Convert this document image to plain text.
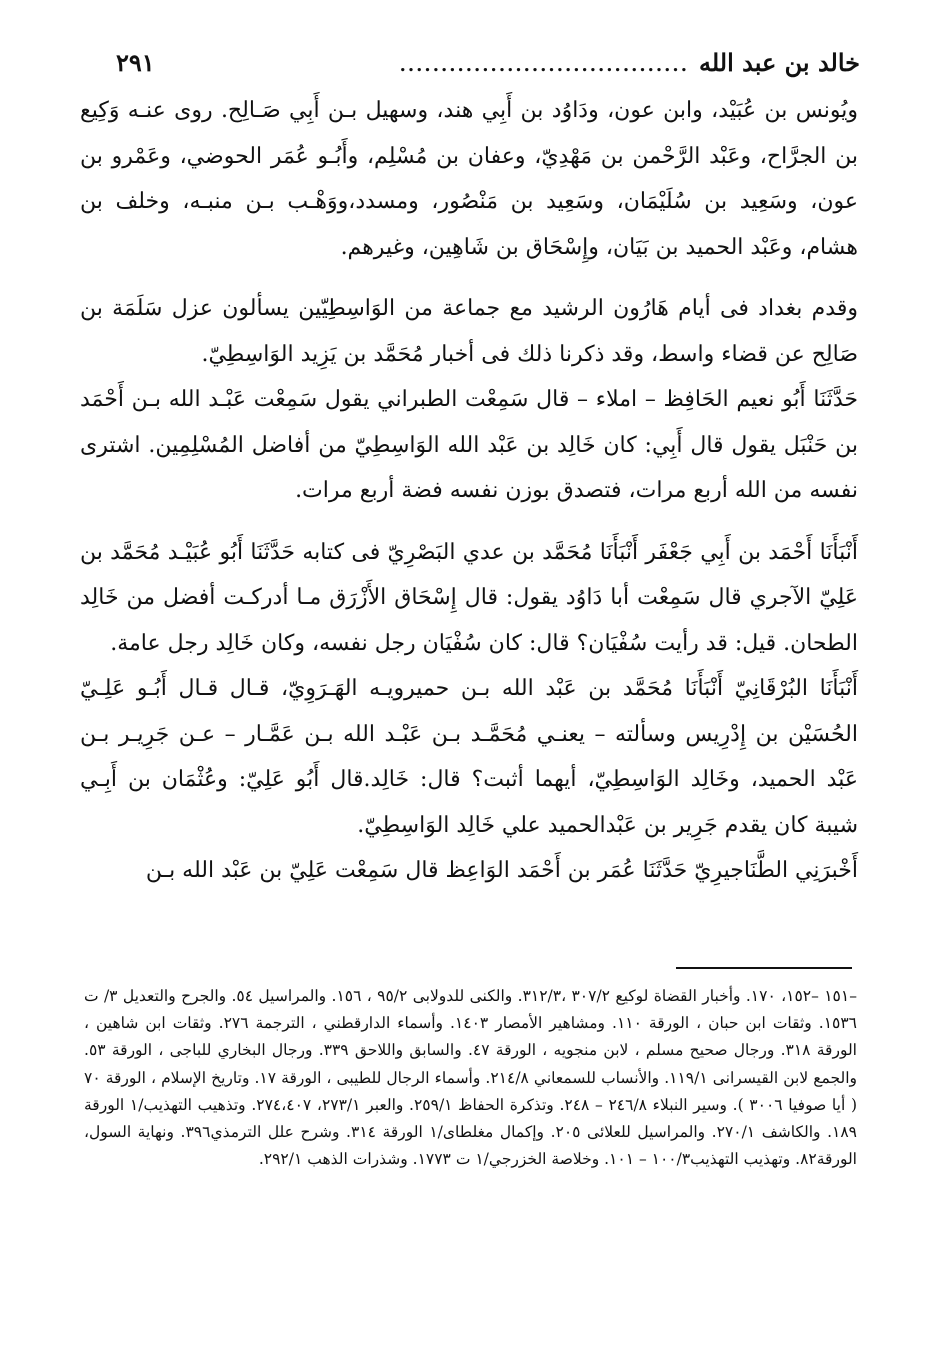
خالد بن عبد الله
...................................
٢٩١

ويُونس بن عُبَيْد، وابن عون، ودَاوُد بن أَبِي هند، وسهيل بـن أَبِي صَـالِح. روى عنـه وَكِيع بن الجرَّاح، وعَبْد الرَّحْمن بن مَهْدِيّ، وعفان بن مُسْلِم، وأَبُـو عُمَر الحوضي، وعَمْرو بن عون، وسَعِيد بن سُلَيْمَان، وسَعِيد بن مَنْصُور، ومسدد،ووَهْـب بـن منبـه، وخلف بن هشام، وعَبْد الحميد بن بَيَان، وإِسْحَاق بن شَاهِين، وغيرهم.

وقدم بغداد فى أيام هَارُون الرشيد مع جماعة من الوَاسِطِيّين يسألون عزل سَلَمَة بن صَالِح عن قضاء واسط، وقد ذكرنا ذلك فى أخبار مُحَمَّد بن يَزِيد الوَاسِطِيّ.

حَدَّثَنَا أَبُو نعيم الحَافِظ – املاء – قال سَمِعْت الطبراني يقول سَمِعْت عَبْـد الله بـن أَحْمَد بن حَنْبَل يقول قال أَبِي: كان خَالِد بن عَبْد الله الوَاسِطِيّ من أفاضل المُسْلِمِين. اشترى نفسه من الله أربع مرات، فتصدق بوزن نفسه فضة أربع مرات.

أَنْبَأَنَا أَحْمَد بن أَبِي جَعْفَر أَنْبَأَنَا مُحَمَّد بن عدي البَصْرِيّ فى كتابه حَدَّثَنَا أَبُو عُبَيْـد مُحَمَّد بن عَلِيّ الآجري قال سَمِعْت أبا دَاوُد يقول: قال إِسْحَاق الأَزْرَق مـا أدركـت أفضل من خَالِد الطحان. قيل: قد رأيت سُفْيَان؟ قال: كان سُفْيَان رجل نفسه، وكان خَالِد رجل عامة.

أَنْبَأَنَا البُرْقَانِيّ أَنْبَأَنَا مُحَمَّد بن عَبْد الله بـن حميرويـه الهَـرَوِيّ، قـال قـال أَبُـو عَلِـيّ الحُسَيْن بن إِدْرِيس وسألته – يعنـي مُحَمَّـد بـن عَبْـد الله بـن عَمَّـار – عـن جَرِيـر بـن عَبْد الحميد، وخَالِد الوَاسِطِيّ، أيهما أثبت؟ قال: خَالِد.قال أَبُو عَلِيّ: وعُثْمَان بن أَبِـي شيبة كان يقدم جَرِير بن عَبْدالحميد علي خَالِد الوَاسِطِيّ.

أَخْبرَنِي الطَّنَاجيرِيّ حَدَّثَنَا عُمَر بن أَحْمَد الوَاعِظ قال سَمِعْت عَلِيّ بن عَبْد الله بـن

–١٥١ –١٥٢، ١٧٠. وأخبار القضاة لوكيع ٣٠٧/٢ ،٣١٢/٣. والكنى للدولابى ٩٥/٢ ، ١٥٦. والمراسيل ٥٤. والجرح والتعديل ٣/ ت ١٥٣٦. وثقات ابن حبان ، الورقة ١١٠. ومشاهير الأمصار ١٤٠٣. وأسماء الدارقطني ، الترجمة ٢٧٦. وثقات ابن شاهين ، الورقة ٣١٨. ورجال صحيح مسلم ، لابن منجويه ، الورقة ٤٧. والسابق واللاحق ٣٣٩. ورجال البخاري للباجى ، الورقة ٥٣. والجمع لابن القيسرانى ١١٩/١. والأنساب للسمعاني ٢١٤/٨. وأسماء الرجال للطيبى ، الورقة ١٧. وتاريخ الإسلام ، الورقة ٧٠ ( أيا صوفيا ٣٠٠٦ ). وسير النبلاء ٢٤٦/٨ – ٢٤٨. وتذكرة الحفاظ ٢٥٩/١. والعبر ٢٧٣/١، ٢٧٤،٤٠٧. وتذهيب التهذيب/١ الورقة ١٨٩. والكاشف ٢٧٠/١. والمراسيل للعلائى ٢٠٥. وإكمال مغلطاى/١ الورقة ٣١٤. وشرح علل الترمذي٣٩٦. ونهاية السول، الورقة٨٢. وتهذيب التهذيب١٠٠/٣ – ١٠١. وخلاصة الخزرجي/١ ت ١٧٧٣. وشذرات الذهب ٢٩٢/١.
